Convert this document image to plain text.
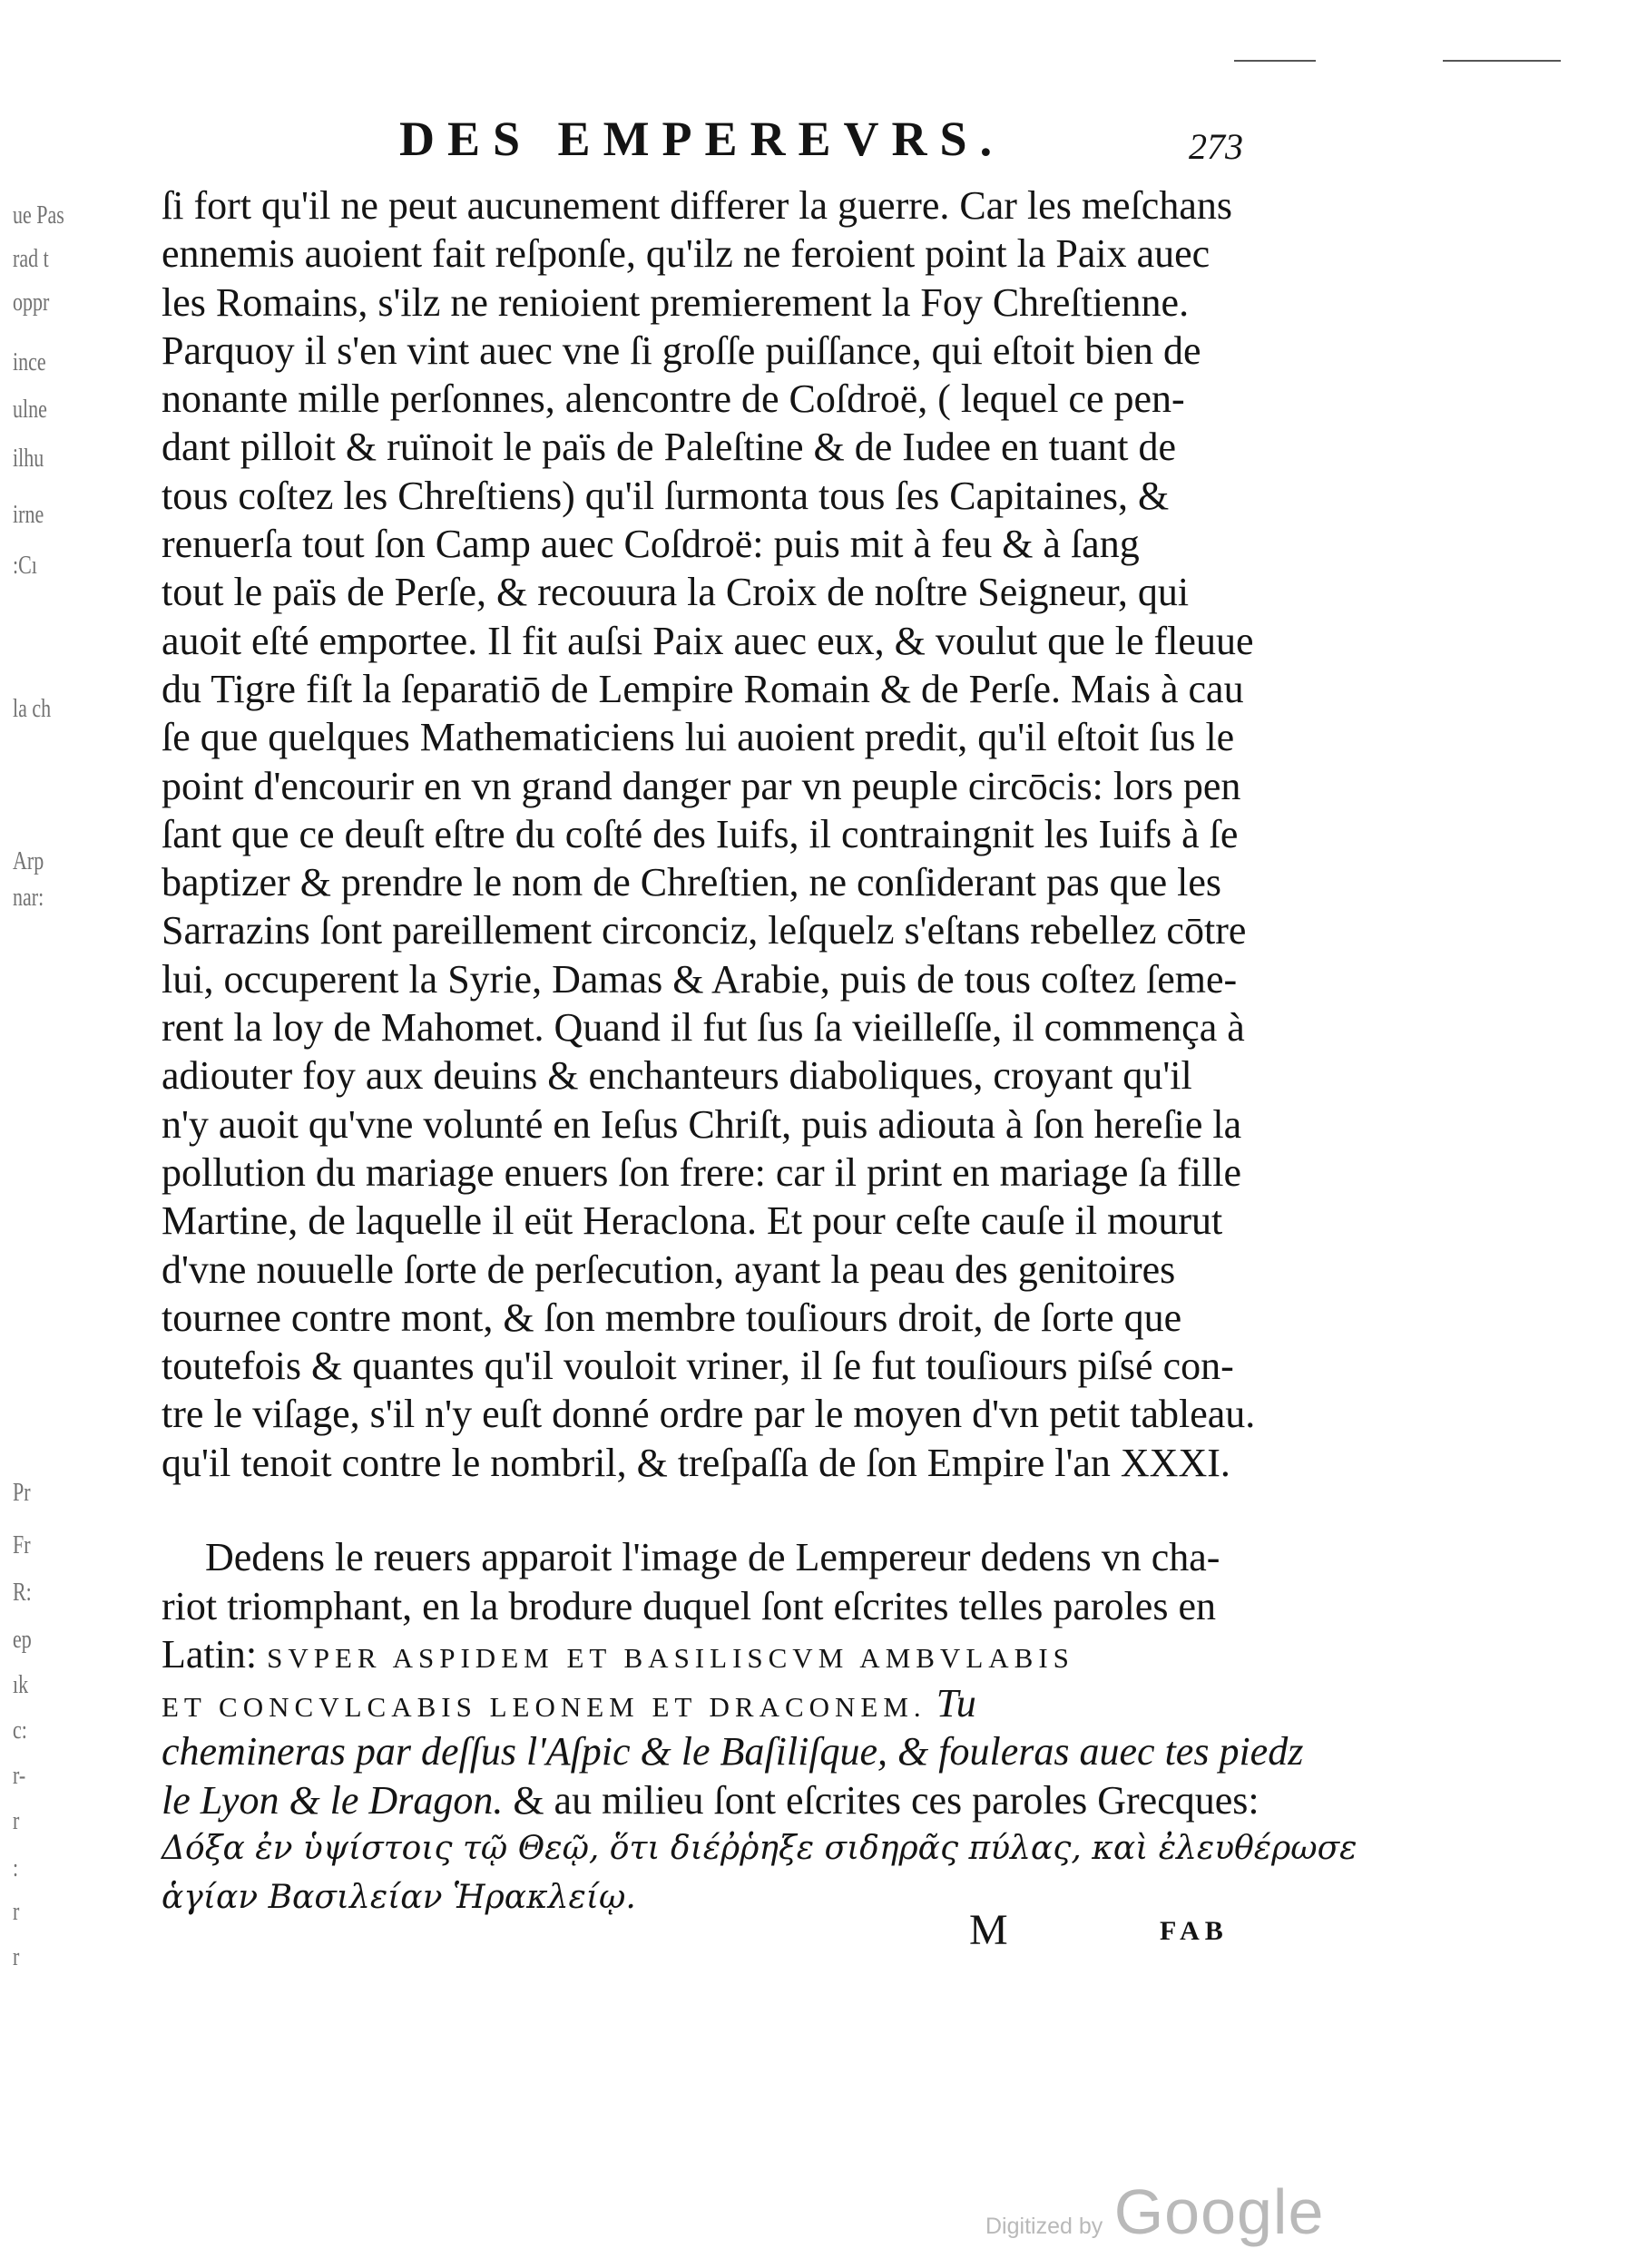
DES EMPEREVRS.	273
ue Pas
rad t
oppr
ince
ulne
ilhu
irne
:Cı
la ch
Arp
nar:
Pr
Fr
R:
ep
ık
c:
r-
r
:
r
r
ſi fort qu'il ne peut aucunement differer la guerre. Car les meſchans
ennemis auoient fait reſponſe, qu'ilz ne feroient point la Paix auec
les Romains, s'ilz ne renioient premierement la Foy Chreſtienne.
Parquoy il s'en vint auec vne ſi groſſe puiſſance, qui eſtoit bien de
nonante mille perſonnes, alencontre de Coſdroë, ( lequel ce pen-
dant pilloit & ruïnoit le païs de Paleſtine & de Iudee en tuant de
tous coſtez les Chreſtiens) qu'il ſurmonta tous ſes Capitaines, &
renuerſa tout ſon Camp auec Coſdroë: puis mit à feu & à ſang
tout le païs de Perſe, & recouura la Croix de noſtre Seigneur, qui
auoit eſté emportee. Il fit auſsi Paix auec eux, & voulut que le fleuue
du Tigre fiſt la ſeparatiō de Lempire Romain & de Perſe. Mais à cau
ſe que quelques Mathematiciens lui auoient predit, qu'il eſtoit ſus le
point d'encourir en vn grand danger par vn peuple circōcis: lors pen
ſant que ce deuſt eſtre du coſté des Iuifs, il contraingnit les Iuifs à ſe
baptizer & prendre le nom de Chreſtien, ne conſiderant pas que les
Sarrazins ſont pareillement circonciz, leſquelz s'eſtans rebellez cōtre
lui, occuperent la Syrie, Damas & Arabie, puis de tous coſtez ſeme-
rent la loy de Mahomet. Quand il fut ſus ſa vieilleſſe, il commença à
adiouter foy aux deuins & enchanteurs diaboliques, croyant qu'il
n'y auoit qu'vne volunté en Ieſus Chriſt, puis adiouta à ſon hereſie la
pollution du mariage enuers ſon frere: car il print en mariage ſa fille
Martine, de laquelle il eüt Heraclona. Et pour ceſte cauſe il mourut
d'vne nouuelle ſorte de perſecution, ayant la peau des genitoires
tournee contre mont, & ſon membre touſiours droit, de ſorte que
toutefois & quantes qu'il vouloit vriner, il ſe fut touſiours piſsé con-
tre le viſage, s'il n'y euſt donné ordre par le moyen d'vn petit tableau.
qu'il tenoit contre le nombril, & treſpaſſa de ſon Empire l'an XXXI.
Dedens le reuers apparoit l'image de Lempereur dedens vn cha-
riot triomphant, en la brodure duquel ſont eſcrites telles paroles en
Latin: SVPER ASPIDEM ET BASILISCVM AMBVLABIS
ET CONCVLCABIS LEONEM ET DRACONEM. Tu
chemineras par deſſus l'Aſpic & le Baſiliſque, & fouleras auec tes piedz
le Lyon & le Dragon. & au milieu ſont eſcrites ces paroles Grecques:
Δόξα ἐν ὑψίστοις τῷ Θεῷ, ὅτι διέῤῥηξε σιδηρᾶς πύλας, καὶ ἐλευθέρωσε
ἁγίαν Βασιλείαν Ἡρακλείῳ.
M	FAB
Digitized by Google
